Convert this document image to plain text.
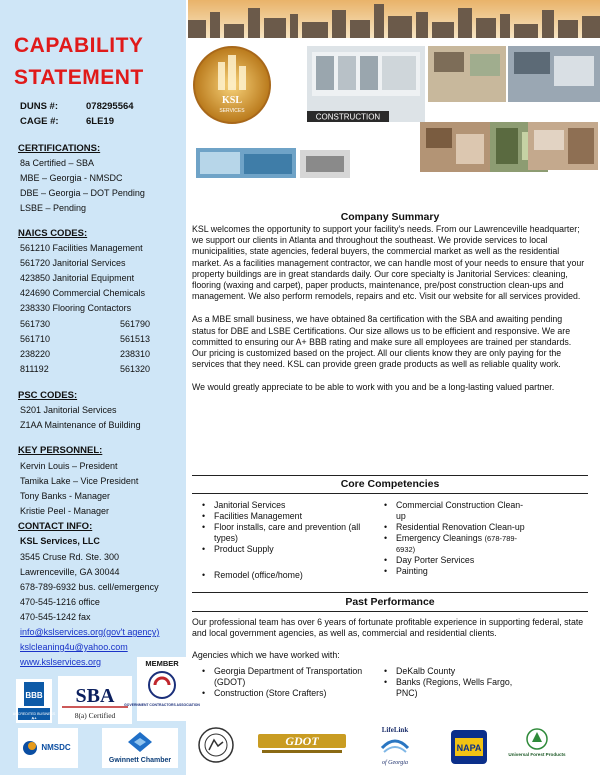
CAPABILITY
STATEMENT
DUNS #:	078295564
CAGE #:	6LE19
CERTIFICATIONS:
8a Certified – SBA
MBE – Georgia - NMSDC
DBE – Georgia – DOT Pending
LSBE – Pending
NAICS CODES:
561210 Facilities Management
561720 Janitorial Services
423850 Janitorial Equipment
424690 Commercial Chemicals
238330 Flooring Contactors
561730	561790
561710	561513
238220	238310
811192	561320
PSC CODES:
S201 Janitorial Services
Z1AA Maintenance of Building
KEY PERSONNEL:
Kervin Louis – President
Tamika Lake – Vice President
Tony Banks - Manager
Kristie Peel - Manager
CONTACT INFO:
KSL Services, LLC
3545 Cruse Rd. Ste. 300
Lawrenceville, GA 30044
678-789-6932 bus. cell/emergency
470-545-1216 office
470-545-1242 fax
info@kslservices.org(gov't agency)
kslcleaning4u@yahoo.com
www.kslservices.org
BBB
ACCREDITED BUSINESS
A+
SBA
8(a) Certified
MEMBER
GOVERNMENT CONTRACTORS ASSOCIATION
NMSDC
Gwinnett Chamber
KSL
SERVICES
CONSTRUCTION
Company Summary
KSL welcomes the opportunity to support your facility's needs. From our Lawrenceville headquarter; we support our clients in Atlanta and throughout the southeast. We provide services to local municipalities, state agencies, federal buyers, the commercial market as well as the residential market. As a facilities management contractor, we can handle most of your needs to ensure that your property buildings are in great standards daily. Our core specialty is Janitorial Services: cleaning, flooring (waxing and carpet), paper products, maintenance, pre/post construction clean-ups and management. We also perform remodels, repairs and etc. Visit our website for all services provided.
As a MBE small business, we have obtained 8a certification with the SBA and awaiting pending status for DBE and LSBE Certifications. Our size allows us to be efficient and responsive. We are committed to ensuring our A+ BBB rating and make sure all employees are trained per standards. Our pricing is customized based on the project. All our clients know they are only paying for the services that they need. KSL can provide green grade products as well as reliable quality work.
We would greatly appreciate to be able to work with you and be a long-lasting valued partner.
Core Competencies
• Janitorial Services
• Facilities Management
• Floor installs, care and prevention (all types)
• Product Supply
• Remodel (office/home)
• Commercial Construction Clean-up
• Residential Renovation Clean-up
• Emergency Cleanings (678-789-6932)
• Day Porter Services
• Painting
Past Performance
Our professional team has over 6 years of fortunate profitable experience in supporting federal, state and local government agencies, as well as, commercial and residential clients.
Agencies which we have worked with:
• Georgia Department of Transportation (GDOT)
• Construction (Store Crafters)
• DeKalb County
• Banks (Regions, Wells Fargo, PNC)
GDOT
LifeLink
of Georgia
NAPA
Universal Forest Products
